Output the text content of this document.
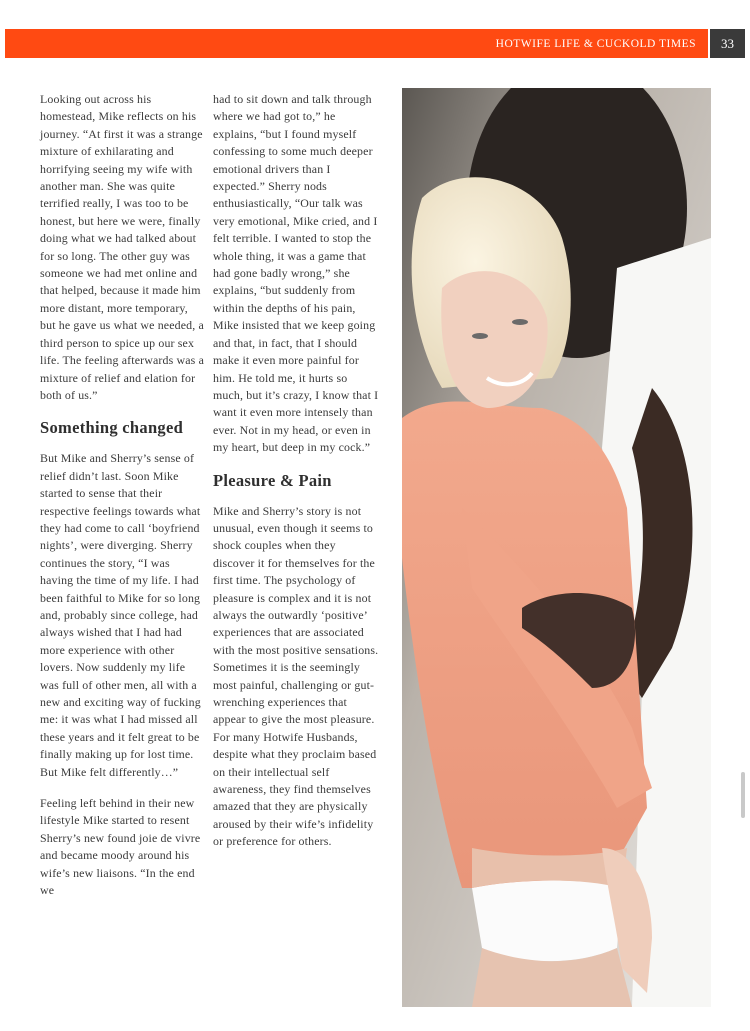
HOTWIFE LIFE & CUCKOLD TIMES	33

Looking out across his homestead, Mike reflects on his journey. “At first it was a strange mixture of exhilarating and horrifying seeing my wife with another man. She was quite terrified really, I was too to be honest, but here we were, finally doing what we had talked about for so long. The other guy was someone we had met online and that helped, because it made him more distant, more temporary, but he gave us what we needed, a third person to spice up our sex life. The feeling afterwards was a mixture of relief and elation for both of us.”

Something changed

But Mike and Sherry’s sense of relief didn’t last. Soon Mike started to sense that their respective feelings towards what they had come to call ‘boyfriend nights’, were diverging. Sherry continues the story, “I was having the time of my life. I had been faithful to Mike for so long and, probably since college, had always wished that I had had more experience with other lovers. Now suddenly my life was full of other men, all with a new and exciting way of fucking me: it was what I had missed all these years and it felt great to be finally making up for lost time. But Mike felt differently…”

Feeling left behind in their new lifestyle Mike started to resent Sherry’s new found joie de vivre and became moody around his wife’s new liaisons. “In the end we

had to sit down and talk through where we had got to,” he explains, “but I found myself confessing to some much deeper emotional drivers than I expected.” Sherry nods enthusiastically, “Our talk was very emotional, Mike cried, and I felt terrible. I wanted to stop the whole thing, it was a game that had gone badly wrong,” she explains, “but suddenly from within the depths of his pain, Mike insisted that we keep going and that, in fact, that I should make it even more painful for him. He told me, it hurts so much, but it’s crazy, I know that I want it even more intensely than ever. Not in my head, or even in my heart, but deep in my cock.”

Pleasure & Pain

Mike and Sherry’s story is not unusual, even though it seems to shock couples when they discover it for themselves for the first time. The psychology of pleasure is complex and it is not always the outwardly ‘positive’ experiences that are associated with the most positive sensations. Sometimes it is the seemingly most painful, challenging or gut-wrenching experiences that appear to give the most pleasure. For many Hotwife Husbands, despite what they proclaim based on their intellectual self awareness, they find themselves amazed that they are physically aroused by their wife’s infidelity or preference for others.
